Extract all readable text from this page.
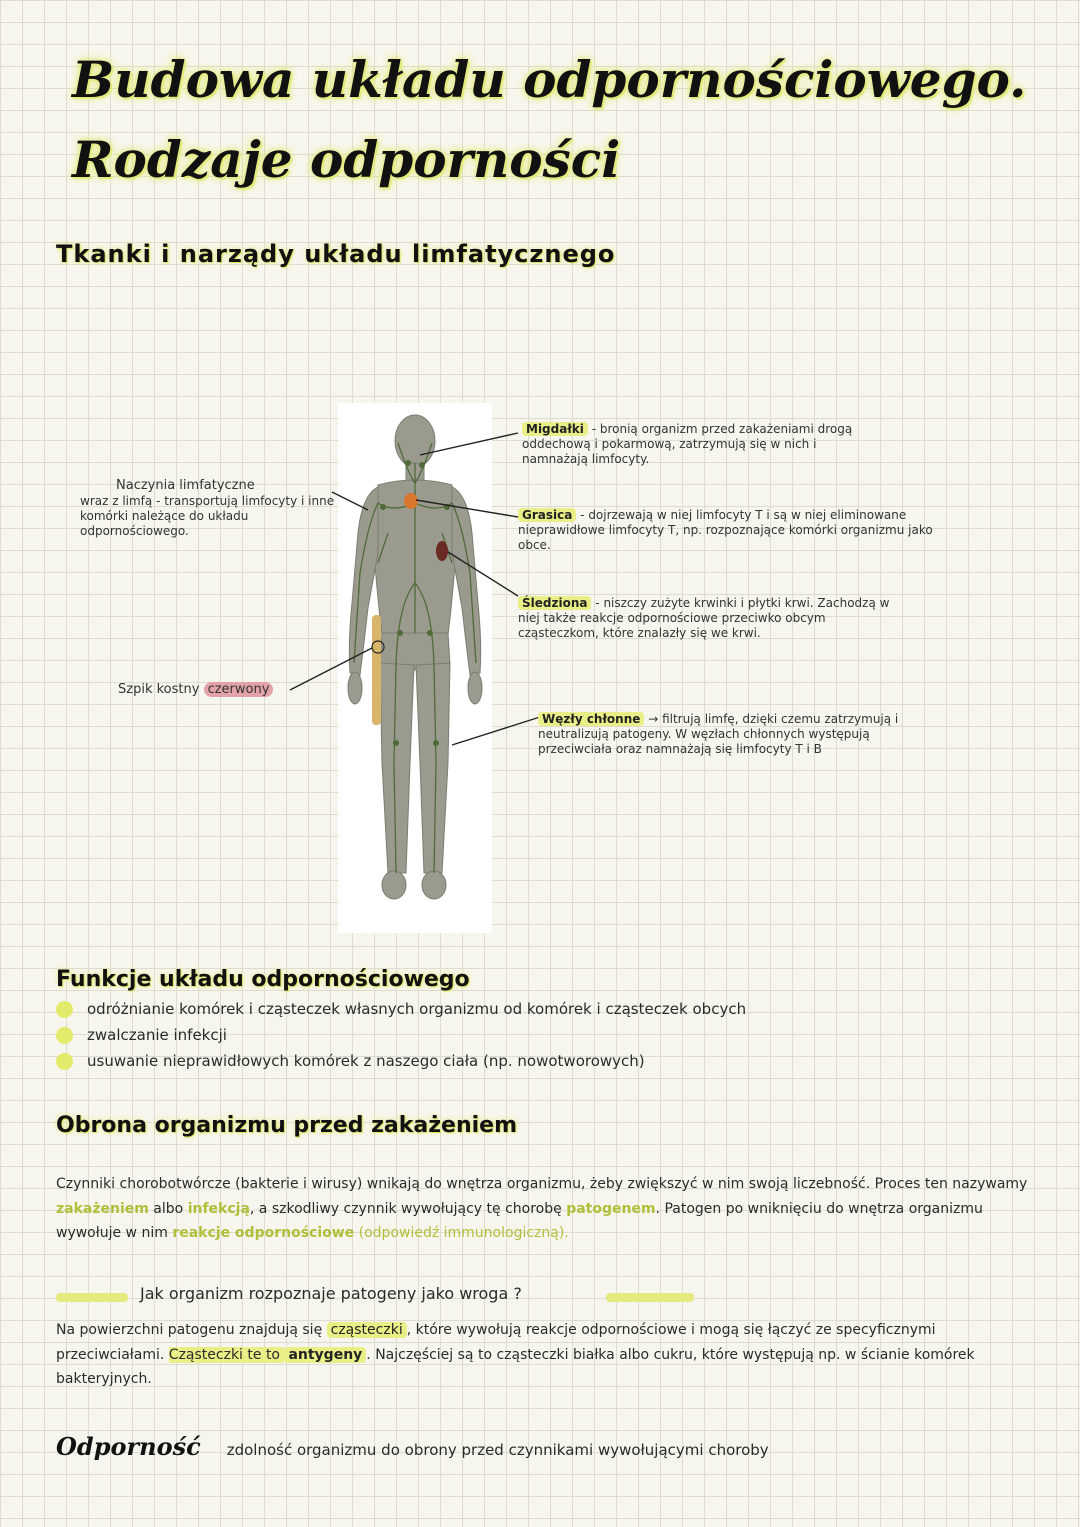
Budowa układu odpornościowego.
Rodzaje odporności
Tkanki i narządy układu limfatycznego
Naczynia limfatyczne
wraz z limfą - transportują limfocyty i inne komórki należące do układu odpornościowego.
Szpik kostny czerwony
Migdałki - bronią organizm przed zakażeniami drogą oddechową i pokarmową, zatrzymują się w nich i namnażają limfocyty.
Grasica - dojrzewają w niej limfocyty T i są w niej eliminowane nieprawidłowe limfocyty T, np. rozpoznające komórki organizmu jako obce.
Śledziona - niszczy zużyte krwinki i płytki krwi. Zachodzą w niej także reakcje odpornościowe przeciwko obcym cząsteczkom, które znalazły się we krwi.
Węzły chłonne → filtrują limfę, dzięki czemu zatrzymują i neutralizują patogeny. W węzłach chłonnych występują przeciwciała oraz namnażają się limfocyty T i B
Funkcje układu odpornościowego
odróżnianie komórek i cząsteczek własnych organizmu od komórek i cząsteczek obcych
zwalczanie infekcji
usuwanie nieprawidłowych komórek z naszego ciała (np. nowotworowych)
Obrona organizmu przed zakażeniem
Czynniki chorobotwórcze (bakterie i wirusy) wnikają do wnętrza organizmu, żeby zwiększyć w nim swoją liczebność. Proces ten nazywamy zakażeniem albo infekcją, a szkodliwy czynnik wywołujący tę chorobę patogenem. Patogen po wniknięciu do wnętrza organizmu wywołuje w nim reakcje odpornościowe (odpowiedź immunologiczną).
Jak organizm rozpoznaje patogeny jako wroga ?
Na powierzchni patogenu znajdują się cząsteczki , które wywołują reakcje odpornościowe i mogą się łączyć ze specyficznymi przeciwciałami. Cząsteczki te to antygeny . Najczęściej są to cząsteczki białka albo cukru, które występują np. w ścianie komórek bakteryjnych.
Odporność zdolność organizmu do obrony przed czynnikami wywołującymi choroby
